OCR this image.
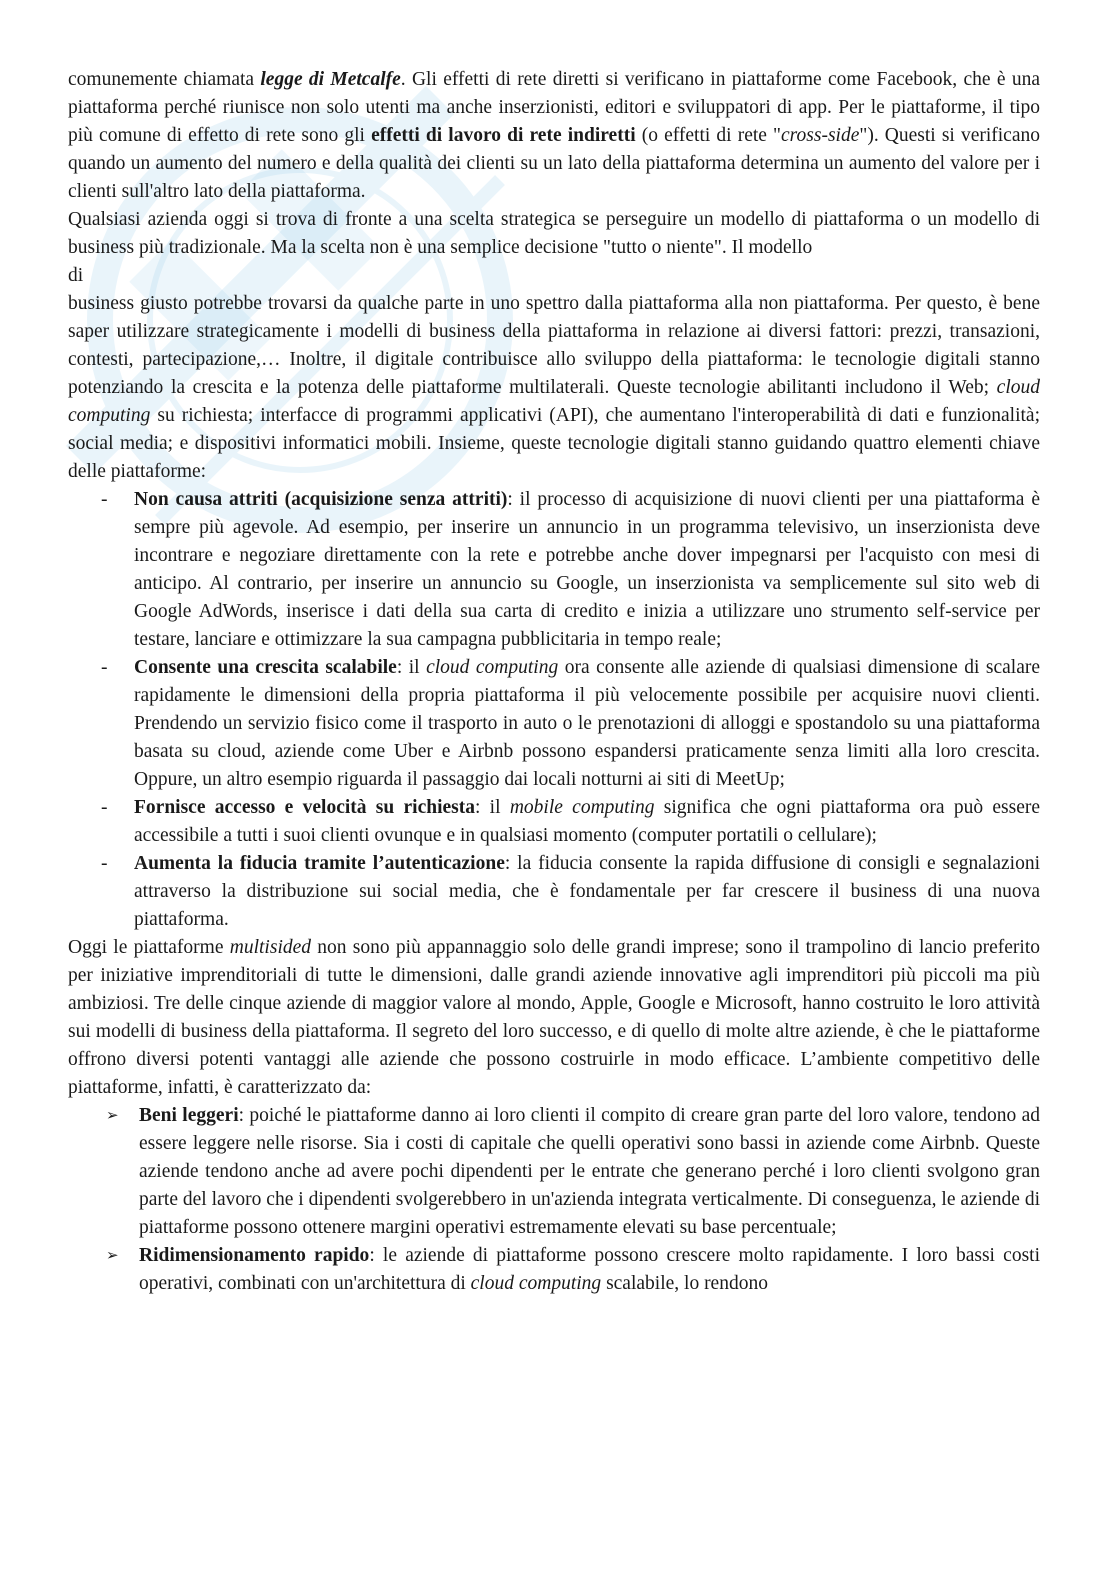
comunemente chiamata legge di Metcalfe. Gli effetti di rete diretti si verificano in piattaforme come Facebook, che è una piattaforma perché riunisce non solo utenti ma anche inserzionisti, editori e sviluppatori di app. Per le piattaforme, il tipo più comune di effetto di rete sono gli effetti di lavoro di rete indiretti (o effetti di rete "cross-side"). Questi si verificano quando un aumento del numero e della qualità dei clienti su un lato della piattaforma determina un aumento del valore per i clienti sull'altro lato della piattaforma.

Qualsiasi azienda oggi si trova di fronte a una scelta strategica se perseguire un modello di piattaforma o un modello di business più tradizionale. Ma la scelta non è una semplice decisione "tutto o niente". Il modello
di
business giusto potrebbe trovarsi da qualche parte in uno spettro dalla piattaforma alla non piattaforma. Per questo, è bene saper utilizzare strategicamente i modelli di business della piattaforma in relazione ai diversi fattori: prezzi, transazioni, contesti, partecipazione,… Inoltre, il digitale contribuisce allo sviluppo della piattaforma: le tecnologie digitali stanno potenziando la crescita e la potenza delle piattaforme multilaterali. Queste tecnologie abilitanti includono il Web; cloud computing su richiesta; interfacce di programmi applicativi (API), che aumentano l'interoperabilità di dati e funzionalità; social media; e dispositivi informatici mobili. Insieme, queste tecnologie digitali stanno guidando quattro elementi chiave delle piattaforme:

- Non causa attriti (acquisizione senza attriti): il processo di acquisizione di nuovi clienti per una piattaforma è sempre più agevole. Ad esempio, per inserire un annuncio in un programma televisivo, un inserzionista deve incontrare e negoziare direttamente con la rete e potrebbe anche dover impegnarsi per l'acquisto con mesi di anticipo. Al contrario, per inserire un annuncio su Google, un inserzionista va semplicemente sul sito web di Google AdWords, inserisce i dati della sua carta di credito e inizia a utilizzare uno strumento self-service per testare, lanciare e ottimizzare la sua campagna pubblicitaria in tempo reale;
- Consente una crescita scalabile: il cloud computing ora consente alle aziende di qualsiasi dimensione di scalare rapidamente le dimensioni della propria piattaforma il più velocemente possibile per acquisire nuovi clienti. Prendendo un servizio fisico come il trasporto in auto o le prenotazioni di alloggi e spostandolo su una piattaforma basata su cloud, aziende come Uber e Airbnb possono espandersi praticamente senza limiti alla loro crescita. Oppure, un altro esempio riguarda il passaggio dai locali notturni ai siti di MeetUp;
- Fornisce accesso e velocità su richiesta: il mobile computing significa che ogni piattaforma ora può essere accessibile a tutti i suoi clienti ovunque e in qualsiasi momento (computer portatili o cellulare);
- Aumenta la fiducia tramite l’autenticazione: la fiducia consente la rapida diffusione di consigli e segnalazioni attraverso la distribuzione sui social media, che è fondamentale per far crescere il business di una nuova piattaforma.

Oggi le piattaforme multisided non sono più appannaggio solo delle grandi imprese; sono il trampolino di lancio preferito per iniziative imprenditoriali di tutte le dimensioni, dalle grandi aziende innovative agli imprenditori più piccoli ma più ambiziosi. Tre delle cinque aziende di maggior valore al mondo, Apple, Google e Microsoft, hanno costruito le loro attività sui modelli di business della piattaforma. Il segreto del loro successo, e di quello di molte altre aziende, è che le piattaforme offrono diversi potenti vantaggi alle aziende che possono costruirle in modo efficace. L’ambiente competitivo delle piattaforme, infatti, è caratterizzato da:

➢ Beni leggeri: poiché le piattaforme danno ai loro clienti il compito di creare gran parte del loro valore, tendono ad essere leggere nelle risorse. Sia i costi di capitale che quelli operativi sono bassi in aziende come Airbnb. Queste aziende tendono anche ad avere pochi dipendenti per le entrate che generano perché i loro clienti svolgono gran parte del lavoro che i dipendenti svolgerebbero in un'azienda integrata verticalmente. Di conseguenza, le aziende di piattaforme possono ottenere margini operativi estremamente elevati su base percentuale;
➢ Ridimensionamento rapido: le aziende di piattaforme possono crescere molto rapidamente. I loro bassi costi operativi, combinati con un'architettura di cloud computing scalabile, lo rendono
